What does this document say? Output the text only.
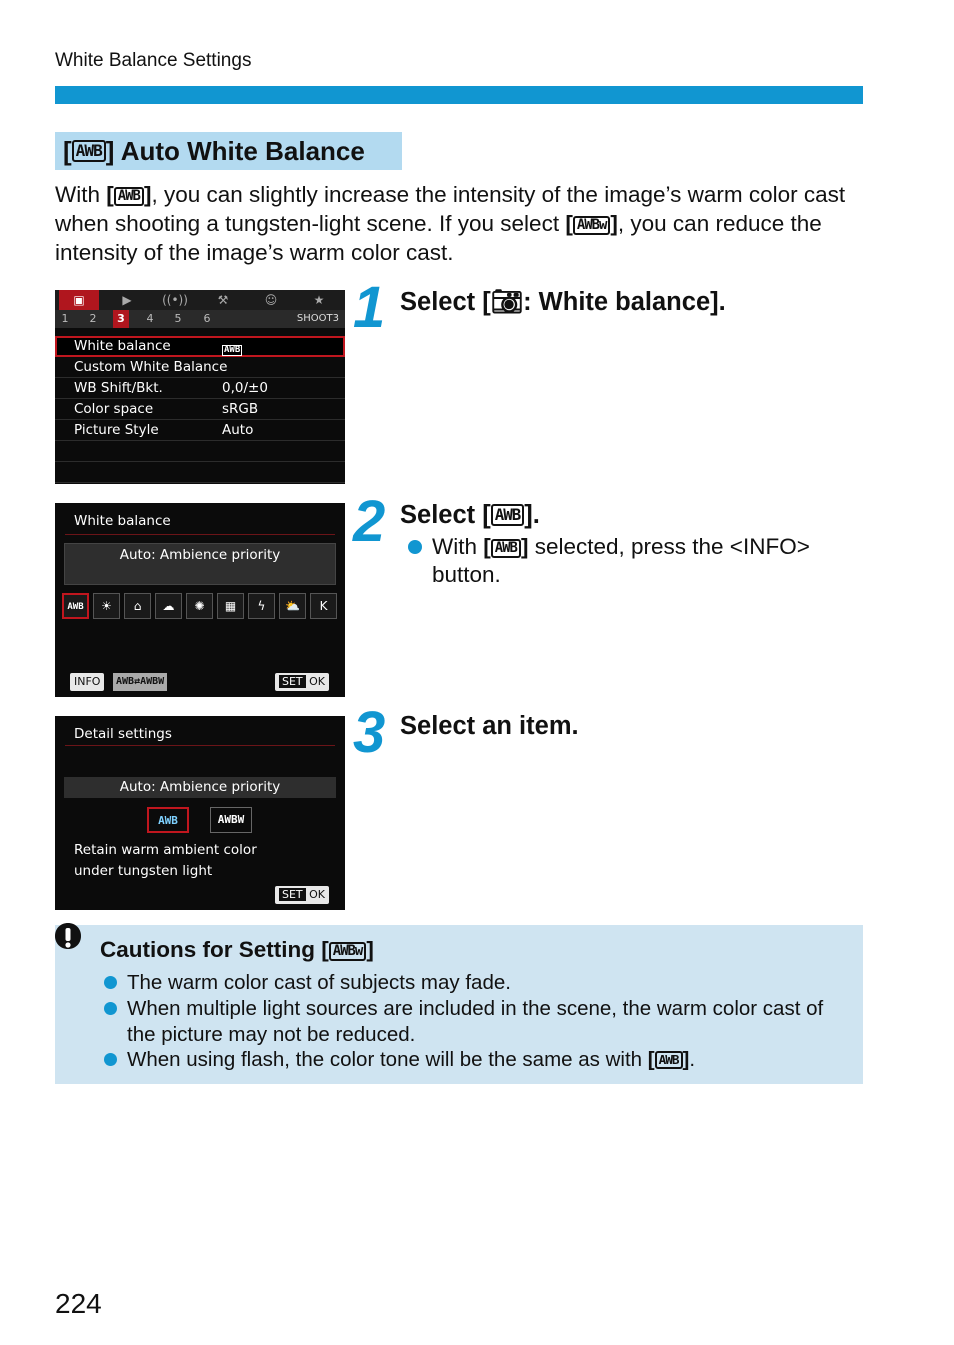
White Balance Settings
[ AWB ] Auto White Balance
With [ AWB ], you can slightly increase the intensity of the image’s warm color cast when shooting a tungsten-light scene. If you select [ AWBw ], you can reduce the intensity of the image’s warm color cast.
▣	▶	((•))	⚒	☺	★
1	2	3	4	5	6	SHOOT3
White balance	AWB
Custom White Balance
WB Shift/Bkt.	0,0/±0
Color space	sRGB
Picture Style	Auto
White balance
Auto: Ambience priority
AWB	☀	⌂	☁	✺	▦	ϟ	⛅	K
INFO	AWB⇄AWBW	SET OK
Detail settings
Auto: Ambience priority
AWB	AWBW
Retain warm ambient color
under tungsten light
SET OK
1 Select [📷︎: White balance].
2 Select [ AWB ].
With [ AWB ] selected, press the <INFO> button.
3 Select an item.
Cautions for Setting [ AWBw ]
The warm color cast of subjects may fade.
When multiple light sources are included in the scene, the warm color cast of the picture may not be reduced.
When using flash, the color tone will be the same as with [ AWB ].
224
